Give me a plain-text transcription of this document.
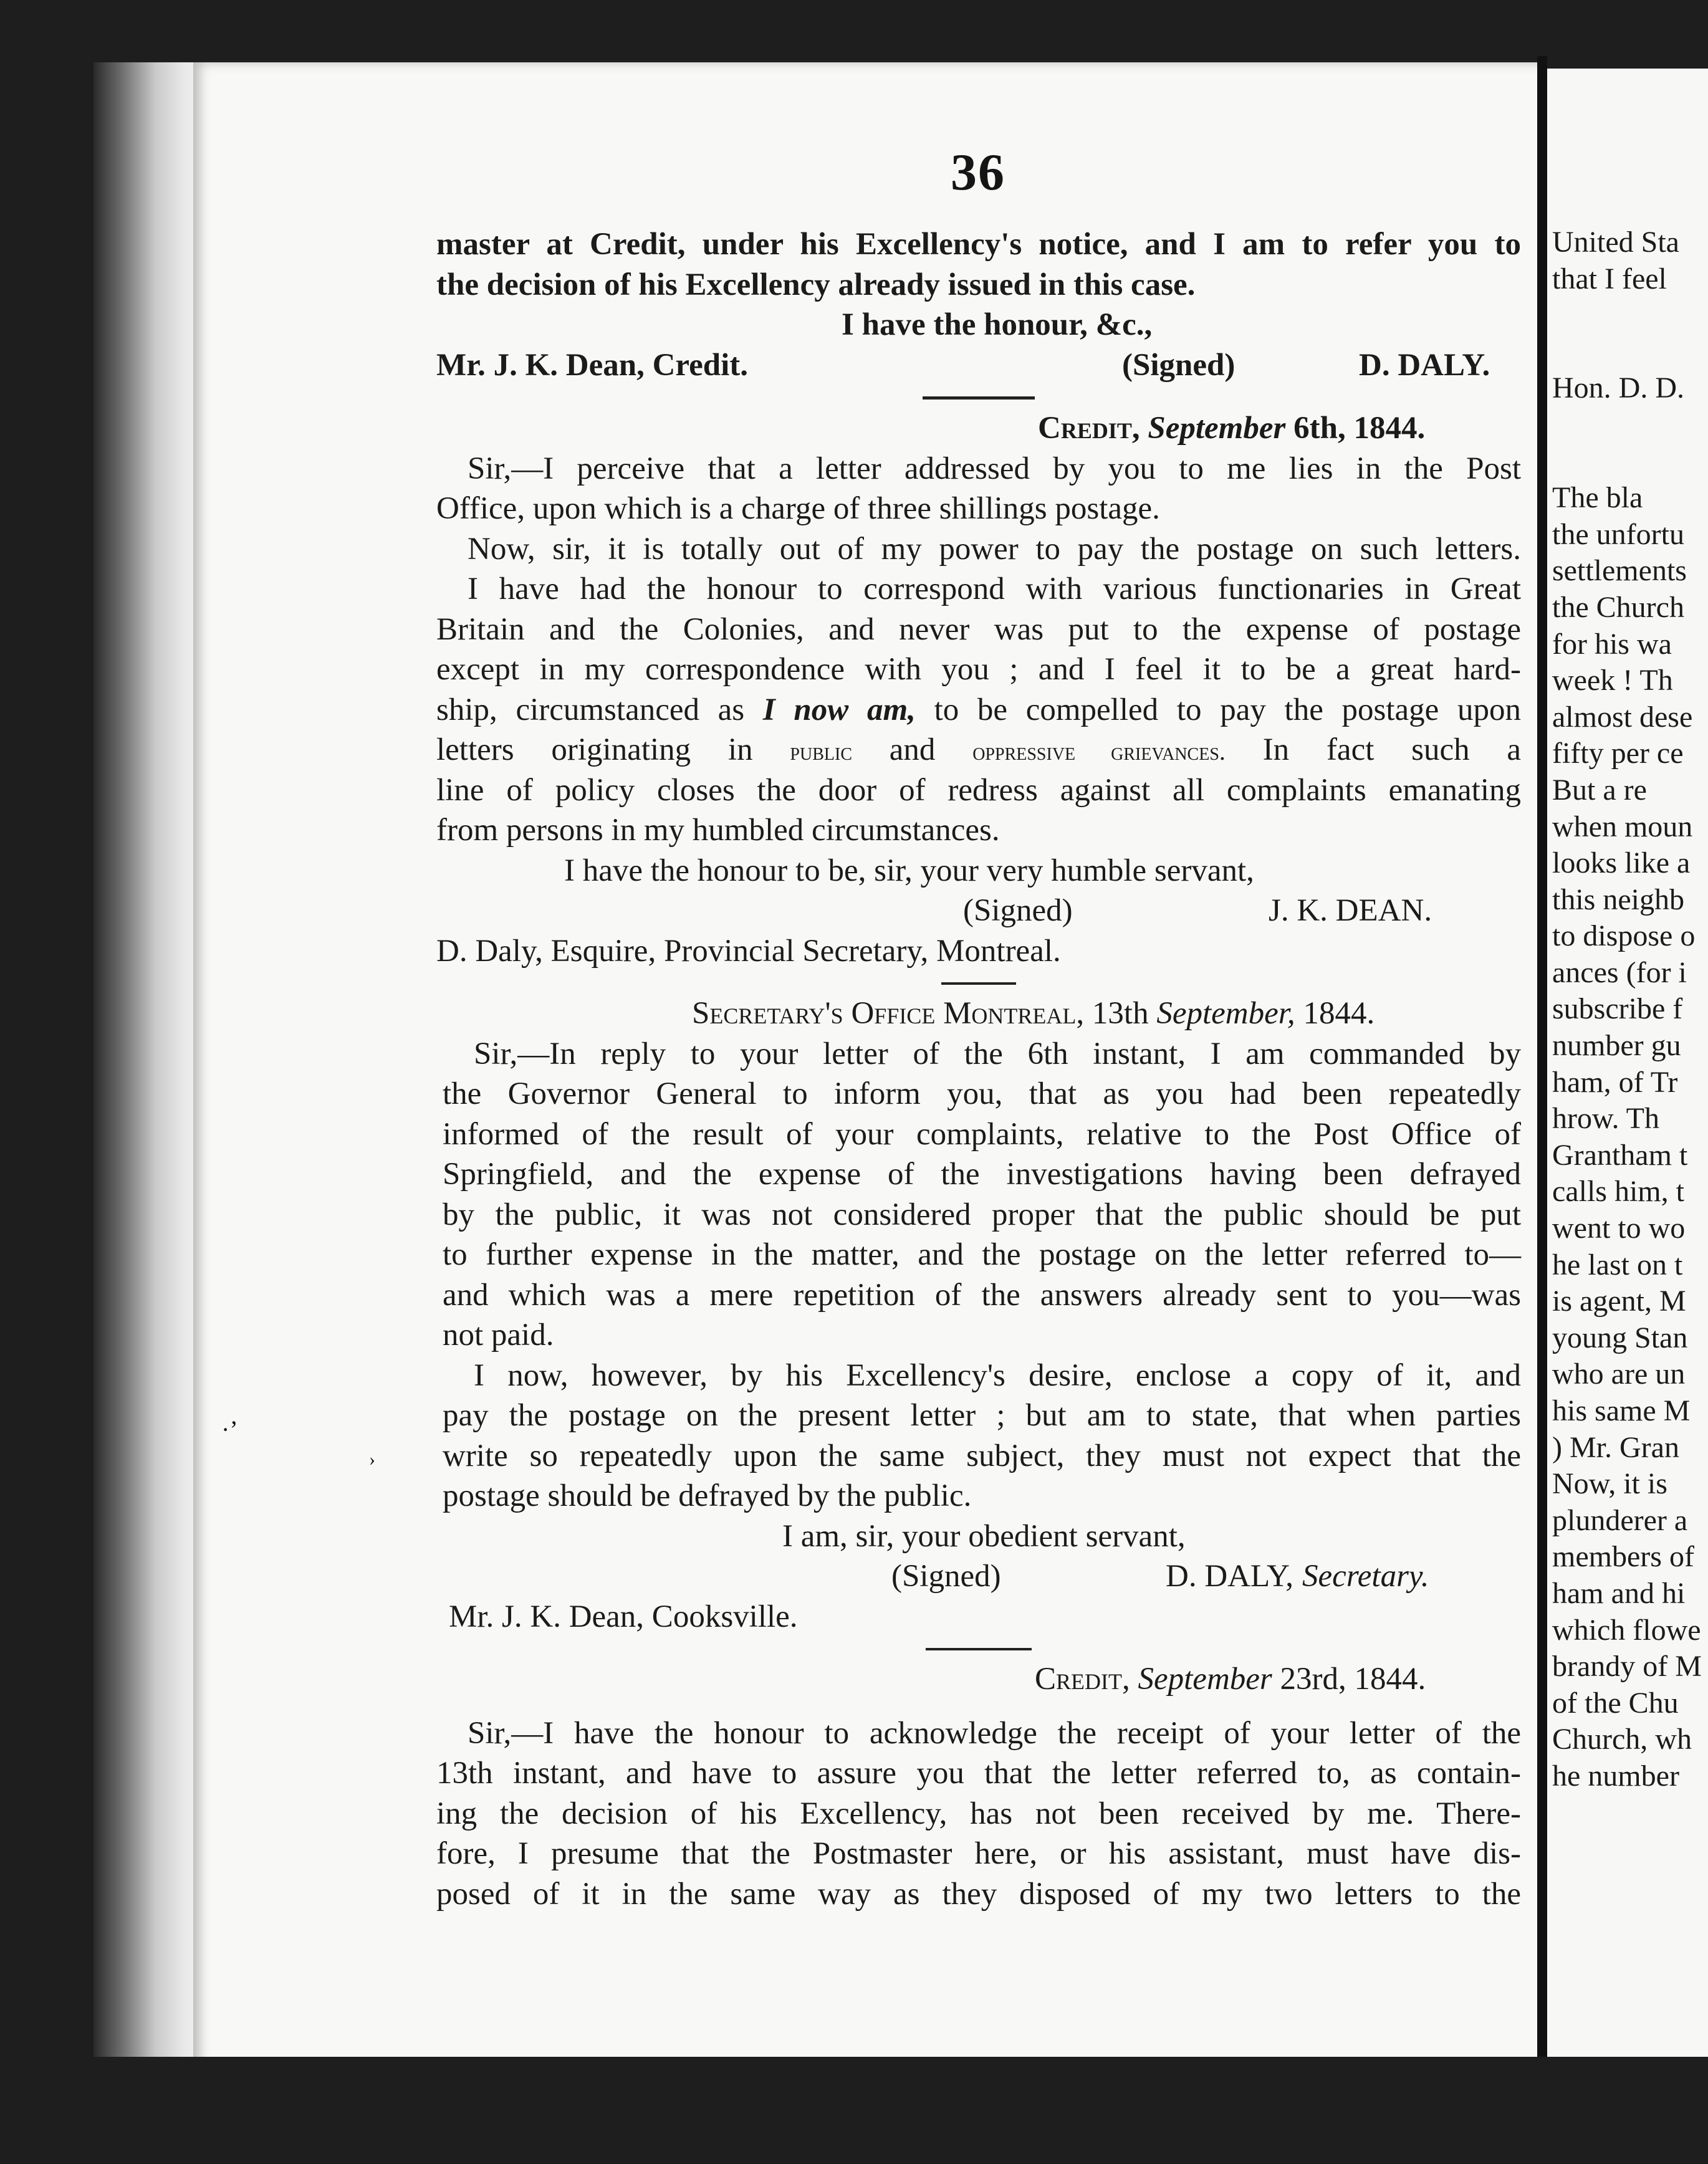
36
master at Credit, under his Excellency's notice, and I am to refer you to
the decision of his Excellency already issued in this case.
I have the honour, &c.,
Mr. J. K. Dean, Credit.	(Signed)	D. DALY.
Credit, September 6th, 1844.
Sir,—I perceive that a letter addressed by you to me lies in the Post
Office, upon which is a charge of three shillings postage.
Now, sir, it is totally out of my power to pay the postage on such letters.
I have had the honour to correspond with various functionaries in Great
Britain and the Colonies, and never was put to the expense of postage
except in my correspondence with you ; and I feel it to be a great hard-
ship, circumstanced as I now am, to be compelled to pay the postage upon
letters originating in public and oppressive grievances. In fact such a
line of policy closes the door of redress against all complaints emanating
from persons in my humbled circumstances.
I have the honour to be, sir, your very humble servant,
(Signed)	J. K. DEAN.
D. Daly, Esquire, Provincial Secretary, Montreal.
Secretary's Office Montreal, 13th September, 1844.
Sir,—In reply to your letter of the 6th instant, I am commanded by
the Governor General to inform you, that as you had been repeatedly
informed of the result of your complaints, relative to the Post Office of
Springfield, and the expense of the investigations having been defrayed
by the public, it was not considered proper that the public should be put
to further expense in the matter, and the postage on the letter referred to—
and which was a mere repetition of the answers already sent to you—was
not paid.
I now, however, by his Excellency's desire, enclose a copy of it, and
pay the postage on the present letter ; but am to state, that when parties
write so repeatedly upon the same subject, they must not expect that the
postage should be defrayed by the public.
I am, sir, your obedient servant,
(Signed)	D. DALY, Secretary.
Mr. J. K. Dean, Cooksville.
Credit, September 23rd, 1844.
Sir,—I have the honour to acknowledge the receipt of your letter of the
13th instant, and have to assure you that the letter referred to, as contain-
ing the decision of his Excellency, has not been received by me. There-
fore, I presume that the Postmaster here, or his assistant, must have dis-
posed of it in the same way as they disposed of my two letters to the
·’
›
United Sta
that I feel
Hon. D. D.
The bla
the unfortu
settlements
the Church
for his wa
week ! Th
almost dese
fifty per ce
But a re
when moun
looks like a
this neighb
to dispose o
ances (for i
subscribe f
number gu
ham, of Tr
hrow. Th
Grantham t
calls him, t
went to wo
he last on t
is agent, M
young Stan
who are un
his same M
) Mr. Gran
Now, it is
plunderer a
members of
ham and hi
which flowe
brandy of M
of the Chu
Church, wh
he number
